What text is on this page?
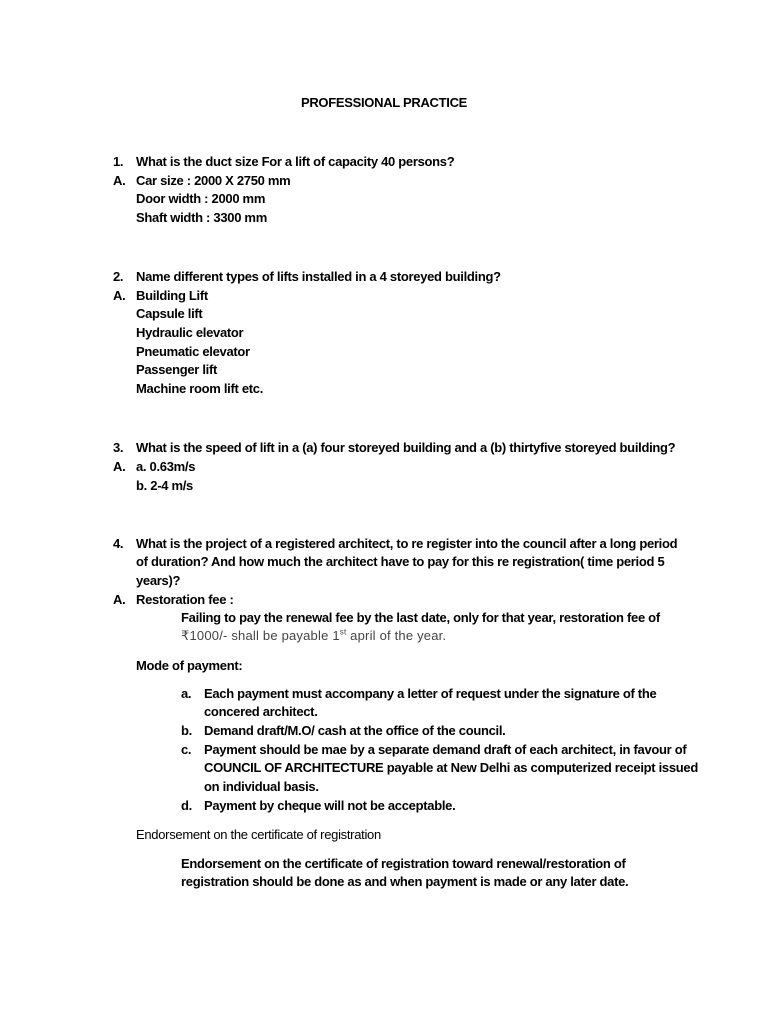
PROFESSIONAL PRACTICE
1. What is the duct size For a lift of capacity 40 persons?
A. Car size : 2000 X 2750 mm
Door width : 2000 mm
Shaft width : 3300 mm
2. Name different types of lifts installed in a 4 storeyed building?
A. Building Lift
Capsule lift
Hydraulic elevator
Pneumatic elevator
Passenger lift
Machine room lift etc.
3. What is the speed of lift in a (a) four storeyed building and a (b) thirtyfive storeyed building?
A. a. 0.63m/s
b. 2-4 m/s
4. What is the project of a registered architect, to re register into the council after a long period
of duration? And how much the architect have to pay for this re registration( time period 5
years)?
A. Restoration fee :
Failing to pay the renewal fee by the last date, only for that year, restoration fee of
₹1000/- shall be payable 1st april of the year.
Mode of payment:
a. Each payment must accompany a letter of request under the signature of the
concered architect.
b. Demand draft/M.O/ cash at the office of the council.
c. Payment should be mae by a separate demand draft of each architect, in favour of
COUNCIL OF ARCHITECTURE payable at New Delhi as computerized receipt issued
on individual basis.
d. Payment by cheque will not be acceptable.
Endorsement on the certificate of registration
Endorsement on the certificate of registration toward renewal/restoration of
registration should be done as and when payment is made or any later date.
